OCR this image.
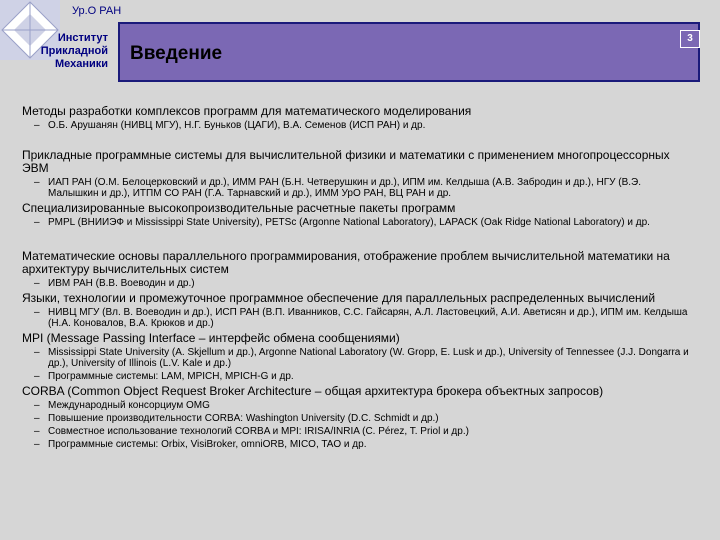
Ур.О РАН
Институт
Прикладной
Механики Введение
3

Методы разработки комплексов программ для математического моделирования

– О.Б. Арушанян (НИВЦ МГУ), Н.Г. Буньков (ЦАГИ), В.А. Семенов (ИСП РАН) и др.

Прикладные программные системы для вычислительной физики и математики с применением многопроцессорных ЭВМ

– ИАП РАН (О.М. Белоцерковский и др.), ИММ РАН (Б.Н. Четверушкин и др.), ИПМ им. Келдыша (А.В. Забродин и др.), НГУ (В.Э. Малышкин и др.), ИТПМ СО РАН (Г.А. Тарнавский и др.), ИММ УрО РАН, ВЦ РАН и др.

Специализированные высокопроизводительные расчетные пакеты программ

– PMPL (ВНИИЭФ и Mississippi State University), PETSc (Argonne National Laboratory), LAPACK (Oak Ridge National Laboratory) и др.

Математические основы параллельного программирования, отображение проблем вычислительной математики на архитектуру вычислительных систем

– ИВМ РАН (В.В. Воеводин и др.)

Языки, технологии и промежуточное программное обеспечение для параллельных распределенных вычислений

– НИВЦ МГУ (Вл. В. Воеводин и др.), ИСП РАН (В.П. Иванников, С.С. Гайсарян, А.Л. Ластовецкий, А.И. Аветисян и др.), ИПМ им. Келдыша (Н.А. Коновалов, В.А. Крюков и др.)

MPI (Message Passing Interface – интерфейс обмена сообщениями)

– Mississippi State University (A. Skjellum и др.), Argonne National Laboratory (W. Gropp, E. Lusk и др.), University of Tennessee (J.J. Dongarra и др.), University of Illinois (L.V. Kale и др.)

– Программные системы: LAM, MPICH, MPICH-G и др.

CORBA (Common Object Request Broker Architecture – общая архитектура брокера объектных запросов)

– Международный консорциум OMG

– Повышение производительности CORBA: Washington University (D.C. Schmidt и др.)

– Совместное использование технологий CORBA и MPI: IRISA/INRIA (C. Pérez, T. Priol и др.)

– Программные системы: Orbix, VisiBroker, omniORB, MICO, TAO и др.
